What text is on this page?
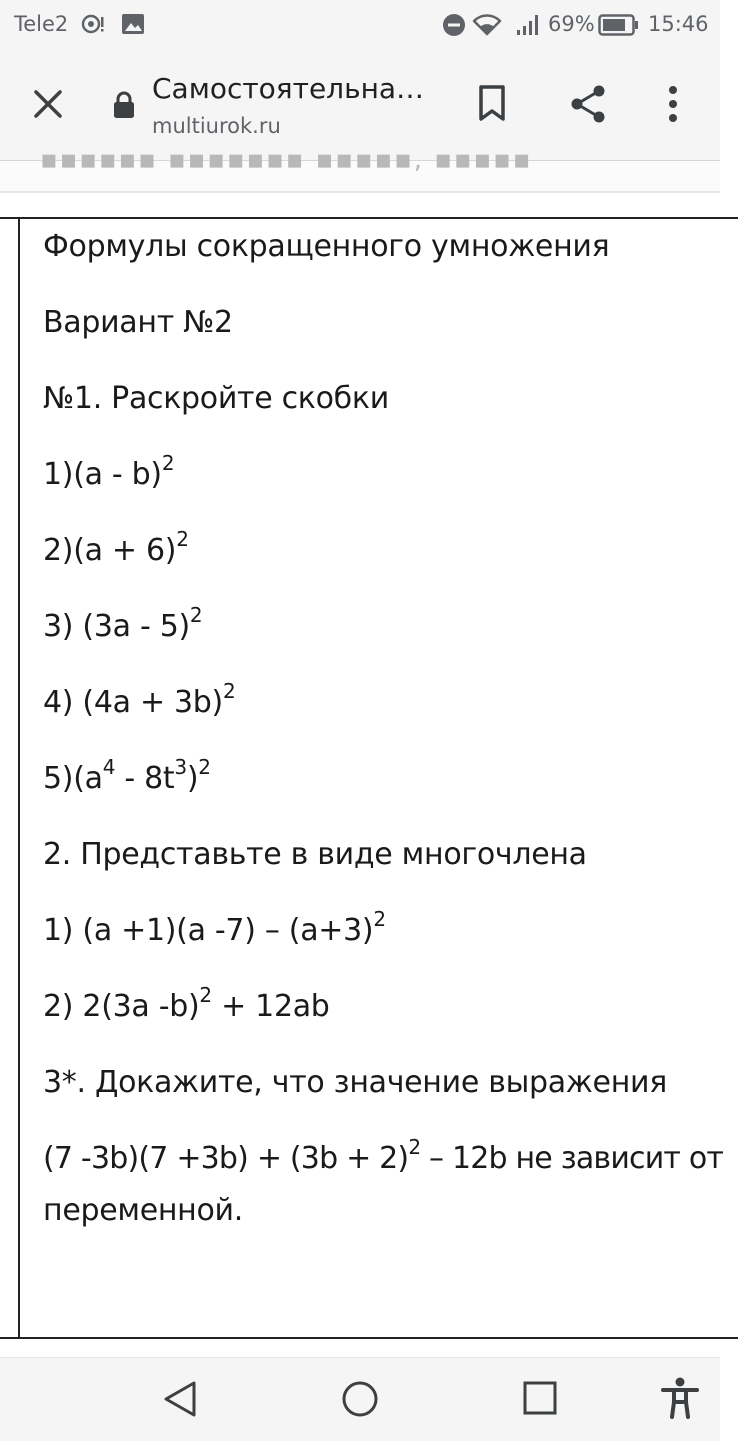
Tele2	69%	15:46
Самостоятельна…
multiurok.ru
▪▪▪▪▪▪ ▪▪▪▪▪▪▪ ▪▪▪▪▪, ▪▪▪▪▪
Формулы сокращенного умножения
Вариант №2
№1. Раскройте скобки
1)(a - b)$^2$
$2)(a + 6)^2$
3) (3a - 5)$^2$
4) $(4a + 3b)^2$
$5)(a^4 - 8t^3)^2$
2. Представьте в виде многочлена
1) (a +1)(a $-7) - (a+3)^2$
2) 2(3a -b)$^2$ + 12ab
3*. Докажите, что значение выражения
(7 $-3b)(7 +3b) + (3b + 2)^2 - 12b$ не зависит от
переменной.
